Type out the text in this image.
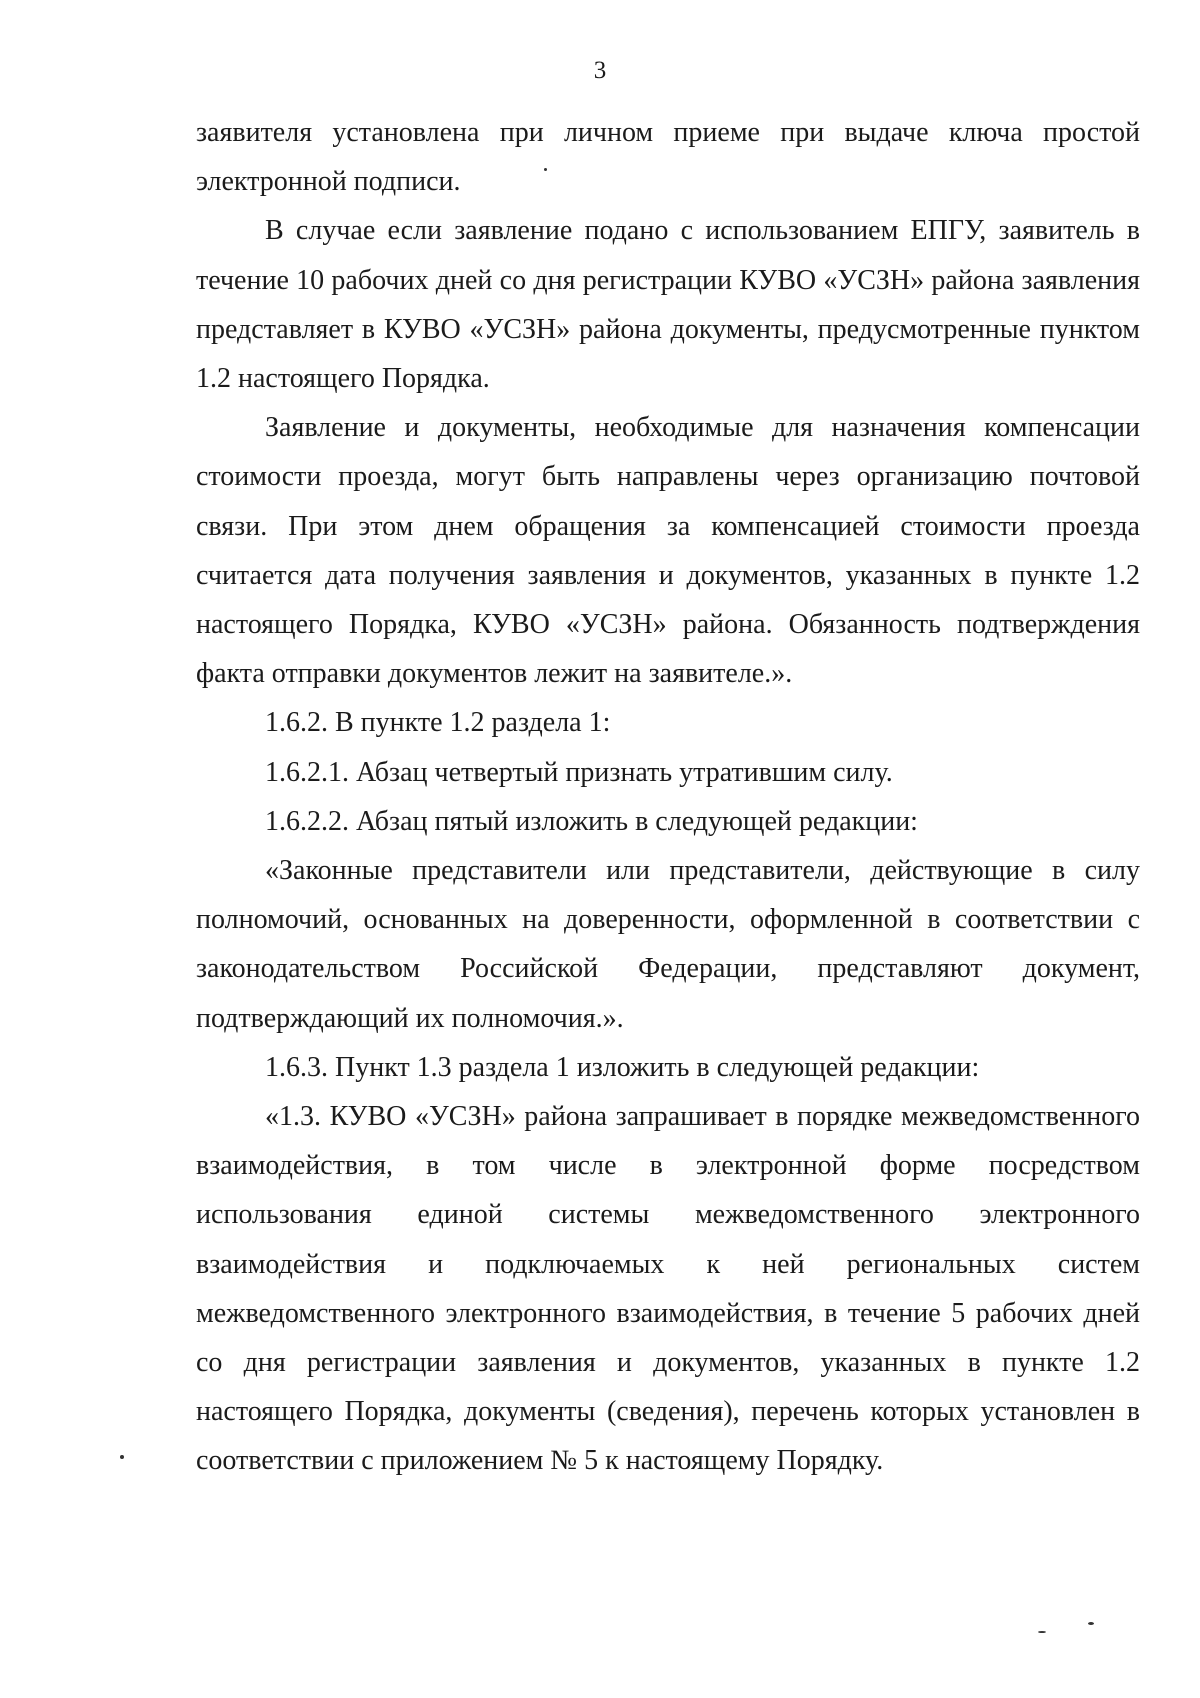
3

заявителя установлена при личном приеме при выдаче ключа простой электронной подписи.

В случае если заявление подано с использованием ЕПГУ, заявитель в течение 10 рабочих дней со дня регистрации КУВО «УСЗН» района заявления представляет в КУВО «УСЗН» района документы, предусмотренные пунктом 1.2 настоящего Порядка.

Заявление и документы, необходимые для назначения компенсации стоимости проезда, могут быть направлены через организацию почтовой связи. При этом днем обращения за компенсацией стоимости проезда считается дата получения заявления и документов, указанных в пункте 1.2 настоящего Порядка, КУВО «УСЗН» района. Обязанность подтверждения факта отправки документов лежит на заявителе.».

1.6.2. В пункте 1.2 раздела 1:

1.6.2.1. Абзац четвертый признать утратившим силу.

1.6.2.2. Абзац пятый изложить в следующей редакции:

«Законные представители или представители, действующие в силу полномочий, основанных на доверенности, оформленной в соответствии с законодательством Российской Федерации, представляют документ, подтверждающий их полномочия.».

1.6.3. Пункт 1.3 раздела 1 изложить в следующей редакции:

«1.3. КУВО «УСЗН» района запрашивает в порядке межведомственного взаимодействия, в том числе в электронной форме посредством использования единой системы межведомственного электронного взаимодействия и подключаемых к ней региональных систем межведомственного электронного взаимодействия, в течение 5 рабочих дней со дня регистрации заявления и документов, указанных в пункте 1.2 настоящего Порядка, документы (сведения), перечень которых установлен в соответствии с приложением № 5 к настоящему Порядку.
